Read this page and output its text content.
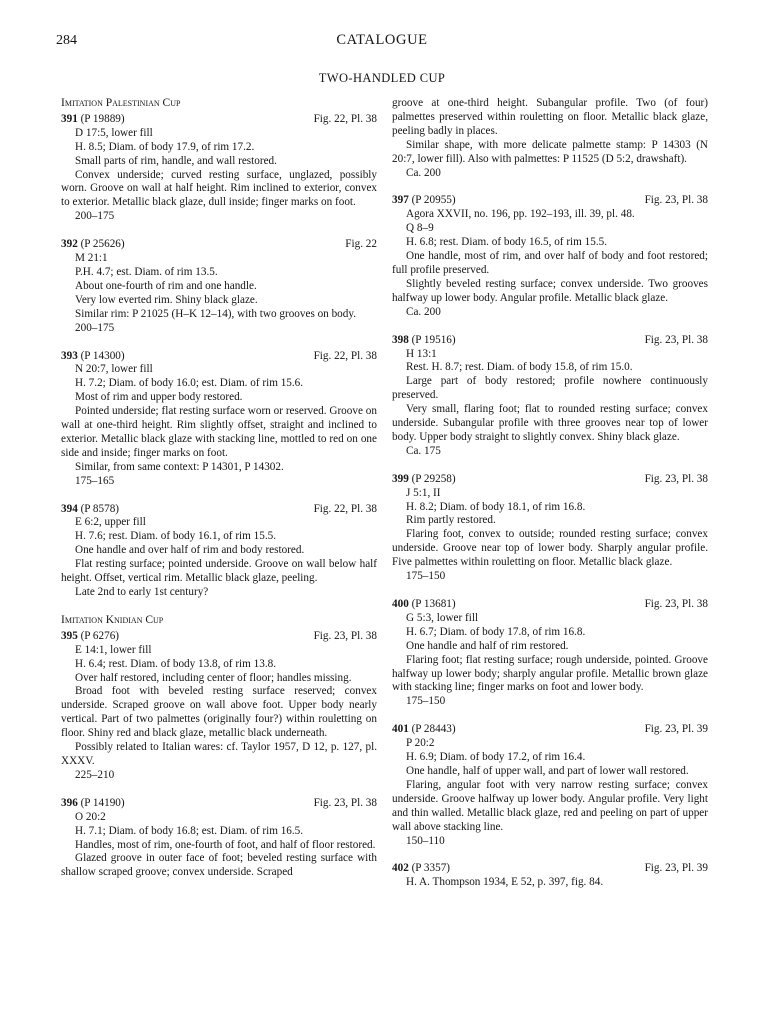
284	CATALOGUE
TWO-HANDLED CUP
Imitation Palestinian Cup
391 (P 19889)	Fig. 22, Pl. 38
D 17:5, lower fill
H. 8.5; Diam. of body 17.9, of rim 17.2.
Small parts of rim, handle, and wall restored.
Convex underside; curved resting surface, unglazed, possibly worn. Groove on wall at half height. Rim inclined to exterior, convex to exterior. Metallic black glaze, dull inside; finger marks on foot.
200–175
392 (P 25626)	Fig. 22
M 21:1
P.H. 4.7; est. Diam. of rim 13.5.
About one-fourth of rim and one handle.
Very low everted rim. Shiny black glaze.
Similar rim: P 21025 (H–K 12–14), with two grooves on body.
200–175
393 (P 14300)	Fig. 22, Pl. 38
N 20:7, lower fill
H. 7.2; Diam. of body 16.0; est. Diam. of rim 15.6.
Most of rim and upper body restored.
Pointed underside; flat resting surface worn or reserved. Groove on wall at one-third height. Rim slightly offset, straight and inclined to exterior. Metallic black glaze with stacking line, mottled to red on one side and inside; finger marks on foot.
Similar, from same context: P 14301, P 14302.
175–165
394 (P 8578)	Fig. 22, Pl. 38
E 6:2, upper fill
H. 7.6; rest. Diam. of body 16.1, of rim 15.5.
One handle and over half of rim and body restored.
Flat resting surface; pointed underside. Groove on wall below half height. Offset, vertical rim. Metallic black glaze, peeling.
Late 2nd to early 1st century?
Imitation Knidian Cup
395 (P 6276)	Fig. 23, Pl. 38
E 14:1, lower fill
H. 6.4; rest. Diam. of body 13.8, of rim 13.8.
Over half restored, including center of floor; handles missing.
Broad foot with beveled resting surface reserved; convex underside. Scraped groove on wall above foot. Upper body nearly vertical. Part of two palmettes (originally four?) within rouletting on floor. Shiny red and black glaze, metallic black underneath.
Possibly related to Italian wares: cf. Taylor 1957, D 12, p. 127, pl. XXXV.
225–210
396 (P 14190)	Fig. 23, Pl. 38
O 20:2
H. 7.1; Diam. of body 16.8; est. Diam. of rim 16.5.
Handles, most of rim, one-fourth of foot, and half of floor restored.
Glazed groove in outer face of foot; beveled resting surface with shallow scraped groove; convex underside. Scraped
groove at one-third height. Subangular profile. Two (of four) palmettes preserved within rouletting on floor. Metallic black glaze, peeling badly in places.
Similar shape, with more delicate palmette stamp: P 14303 (N 20:7, lower fill). Also with palmettes: P 11525 (D 5:2, drawshaft).
Ca. 200
397 (P 20955)	Fig. 23, Pl. 38
Agora XXVII, no. 196, pp. 192–193, ill. 39, pl. 48.
Q 8–9
H. 6.8; rest. Diam. of body 16.5, of rim 15.5.
One handle, most of rim, and over half of body and foot restored; full profile preserved.
Slightly beveled resting surface; convex underside. Two grooves halfway up lower body. Angular profile. Metallic black glaze.
Ca. 200
398 (P 19516)	Fig. 23, Pl. 38
H 13:1
Rest. H. 8.7; rest. Diam. of body 15.8, of rim 15.0.
Large part of body restored; profile nowhere continuously preserved.
Very small, flaring foot; flat to rounded resting surface; convex underside. Subangular profile with three grooves near top of lower body. Upper body straight to slightly convex. Shiny black glaze.
Ca. 175
399 (P 29258)	Fig. 23, Pl. 38
J 5:1, II
H. 8.2; Diam. of body 18.1, of rim 16.8.
Rim partly restored.
Flaring foot, convex to outside; rounded resting surface; convex underside. Groove near top of lower body. Sharply angular profile. Five palmettes within rouletting on floor. Metallic black glaze.
175–150
400 (P 13681)	Fig. 23, Pl. 38
G 5:3, lower fill
H. 6.7; Diam. of body 17.8, of rim 16.8.
One handle and half of rim restored.
Flaring foot; flat resting surface; rough underside, pointed. Groove halfway up lower body; sharply angular profile. Metallic brown glaze with stacking line; finger marks on foot and lower body.
175–150
401 (P 28443)	Fig. 23, Pl. 39
P 20:2
H. 6.9; Diam. of body 17.2, of rim 16.4.
One handle, half of upper wall, and part of lower wall restored.
Flaring, angular foot with very narrow resting surface; convex underside. Groove halfway up lower body. Angular profile. Very light and thin walled. Metallic black glaze, red and peeling on part of upper wall above stacking line.
150–110
402 (P 3357)	Fig. 23, Pl. 39
H. A. Thompson 1934, E 52, p. 397, fig. 84.
